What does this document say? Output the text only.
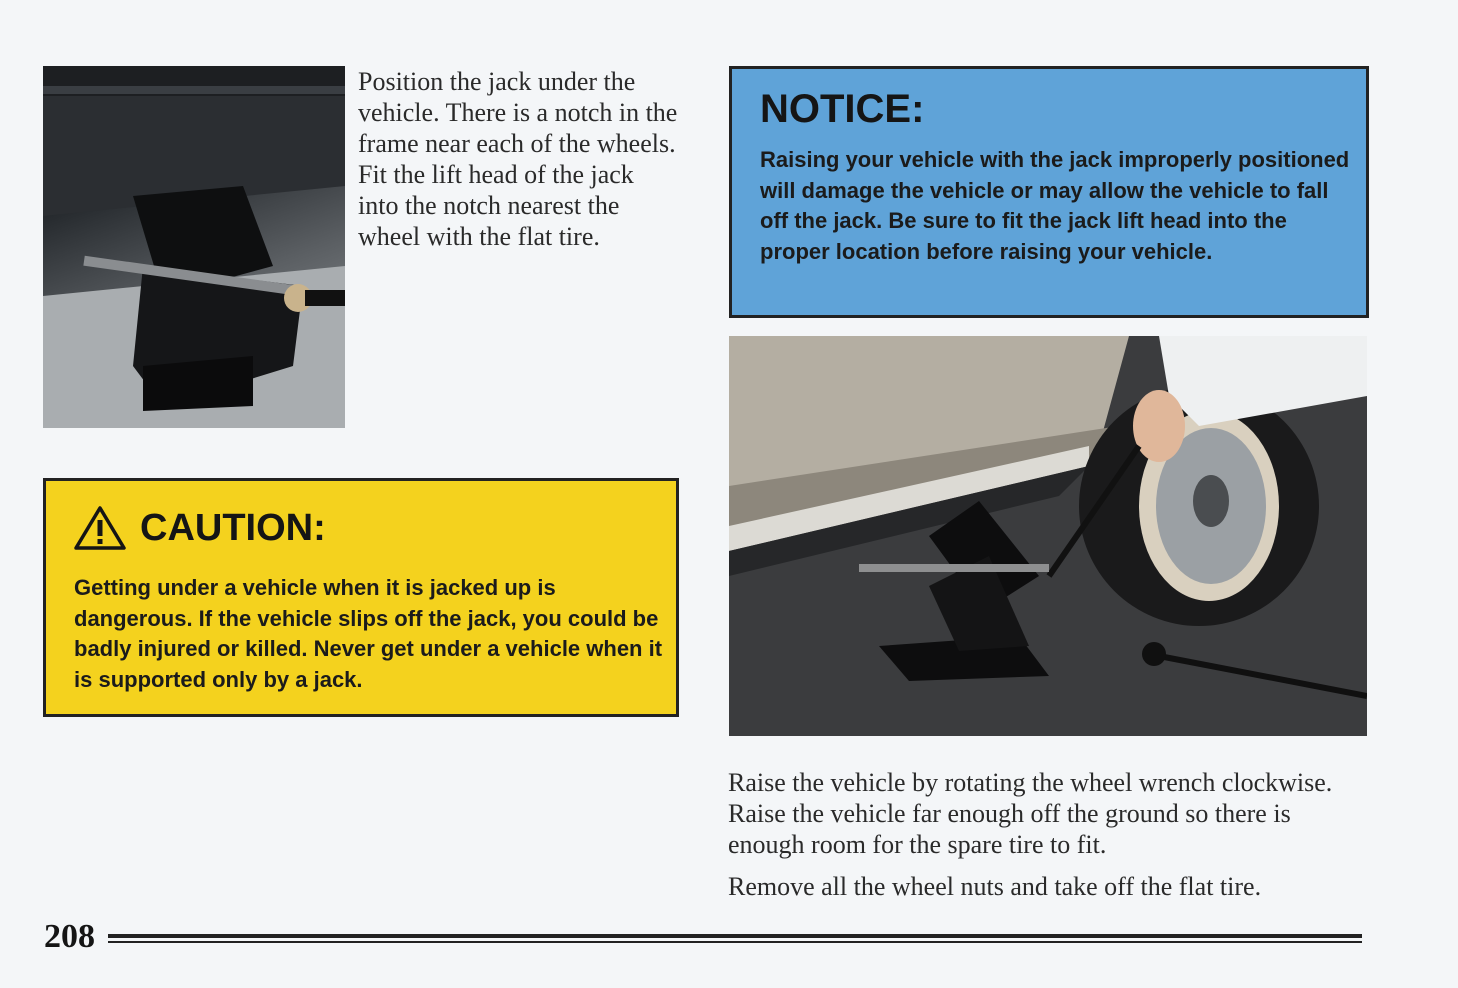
Position the jack under the vehicle. There is a notch in the frame near each of the wheels. Fit the lift head of the jack into the notch nearest the wheel with the flat tire.

CAUTION:

Getting under a vehicle when it is jacked up is dangerous. If the vehicle slips off the jack, you could be badly injured or killed. Never get under a vehicle when it is supported only by a jack.

NOTICE:

Raising your vehicle with the jack improperly positioned will damage the vehicle or may allow the vehicle to fall off the jack. Be sure to fit the jack lift head into the proper location before raising your vehicle.

Raise the vehicle by rotating the wheel wrench clockwise. Raise the vehicle far enough off the ground so there is enough room for the spare tire to fit.

Remove all the wheel nuts and take off the flat tire.

208
